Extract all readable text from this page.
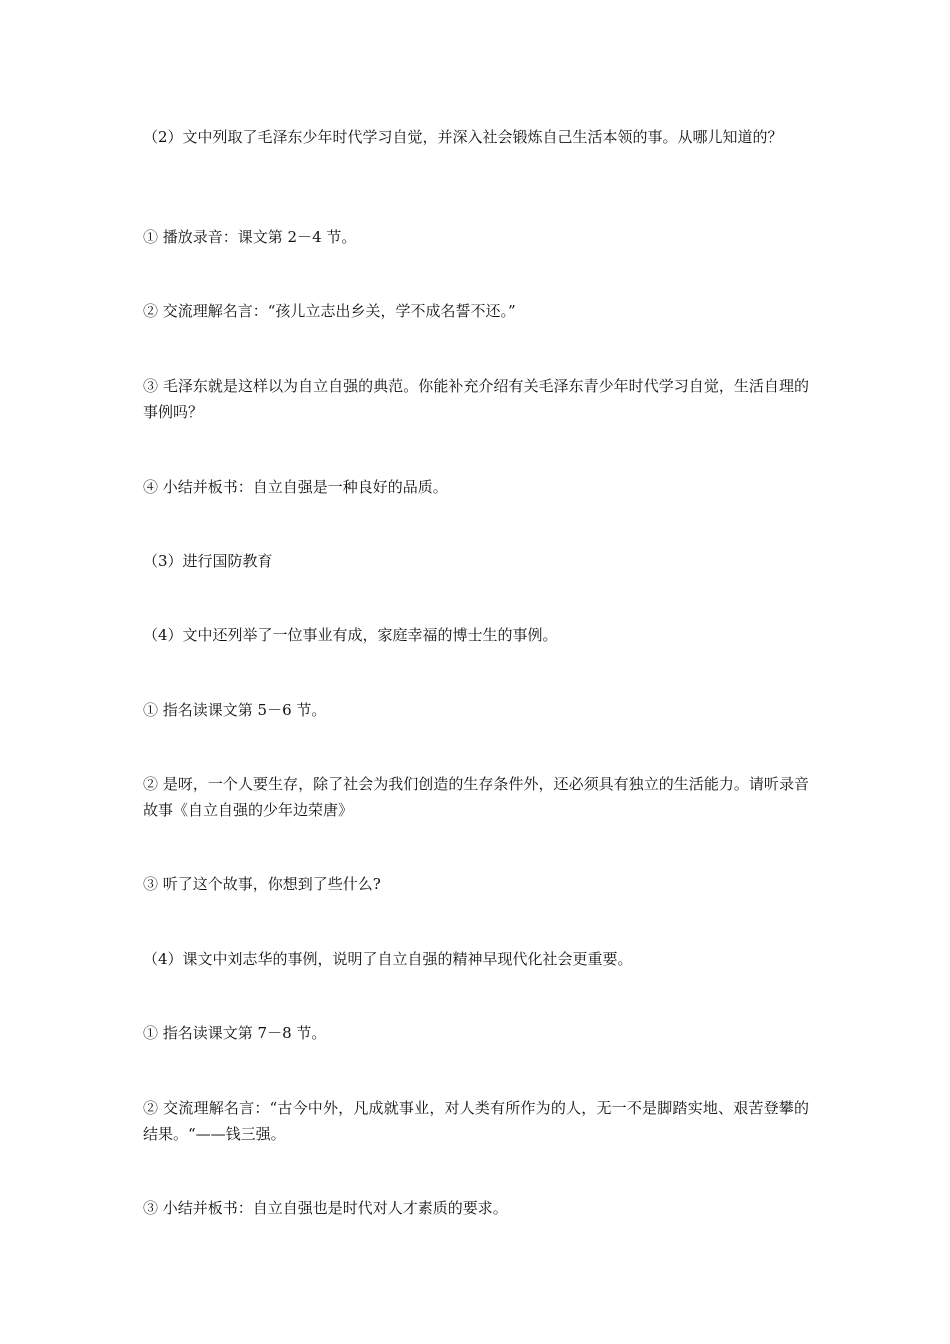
（2）文中列取了毛泽东少年时代学习自觉，并深入社会锻炼自己生活本领的事。从哪儿知道的？

① 播放录音：课文第 2－4 节。

② 交流理解名言：“孩儿立志出乡关，学不成名誓不还。”

③ 毛泽东就是这样以为自立自强的典范。你能补充介绍有关毛泽东青少年时代学习自觉，生活自理的事例吗？

④ 小结并板书：自立自强是一种良好的品质。

（3）进行国防教育

（4）文中还列举了一位事业有成，家庭幸福的博士生的事例。

① 指名读课文第 5－6 节。

② 是呀，一个人要生存，除了社会为我们创造的生存条件外，还必须具有独立的生活能力。请听录音故事《自立自强的少年边荣唐》

③ 听了这个故事，你想到了些什么?

（4）课文中刘志华的事例，说明了自立自强的精神早现代化社会更重要。

① 指名读课文第 7－8 节。

② 交流理解名言：“古今中外，凡成就事业，对人类有所作为的人，无一不是脚踏实地、艰苦登攀的结果。“——钱三强。

③ 小结并板书：自立自强也是时代对人才素质的要求。
